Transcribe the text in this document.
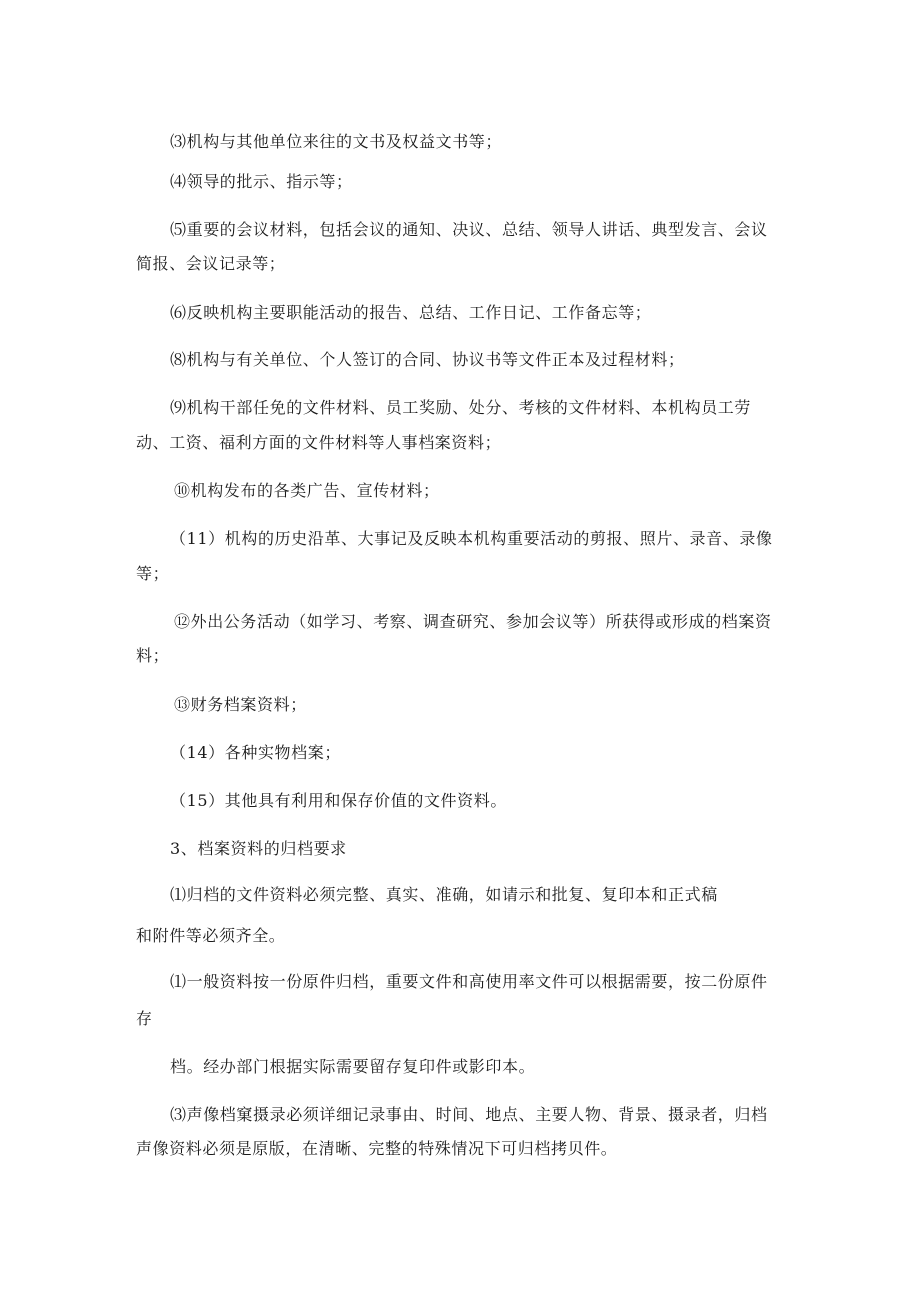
⑶机构与其他单位来往的文书及权益文书等；
⑷领导的批示、指示等；
⑸重要的会议材料，包括会议的通知、决议、总结、领导人讲话、典型发言、会议
简报、会议记录等；
⑹反映机构主要职能活动的报告、总结、工作日记、工作备忘等；
⑻机构与有关单位、个人签订的合同、协议书等文件正本及过程材料；
⑼机构干部任免的文件材料、员工奖励、处分、考核的文件材料、本机构员工劳
动、工资、福利方面的文件材料等人事档案资料；
⑩机构发布的各类广告、宣传材料；
（11）机构的历史沿革、大事记及反映本机构重要活动的剪报、照片、录音、录像
等；
⑫外出公务活动（如学习、考察、调查研究、参加会议等）所获得或形成的档案资
料；
⑬财务档案资料；
（14）各种实物档案；
（15）其他具有利用和保存价值的文件资料。
3、档案资料的归档要求
⑴归档的文件资料必须完整、真实、准确，如请示和批复、复印本和正式稿
和附件等必须齐全。
⑴一般资料按一份原件归档，重要文件和高使用率文件可以根据需要，按二份原件
存
档。经办部门根据实际需要留存复印件或影印本。
⑶声像档窠摄录必须详细记录事由、时间、地点、主要人物、背景、摄录者，归档
声像资料必须是原版，在清晰、完整的特殊情况下可归档拷贝件。
